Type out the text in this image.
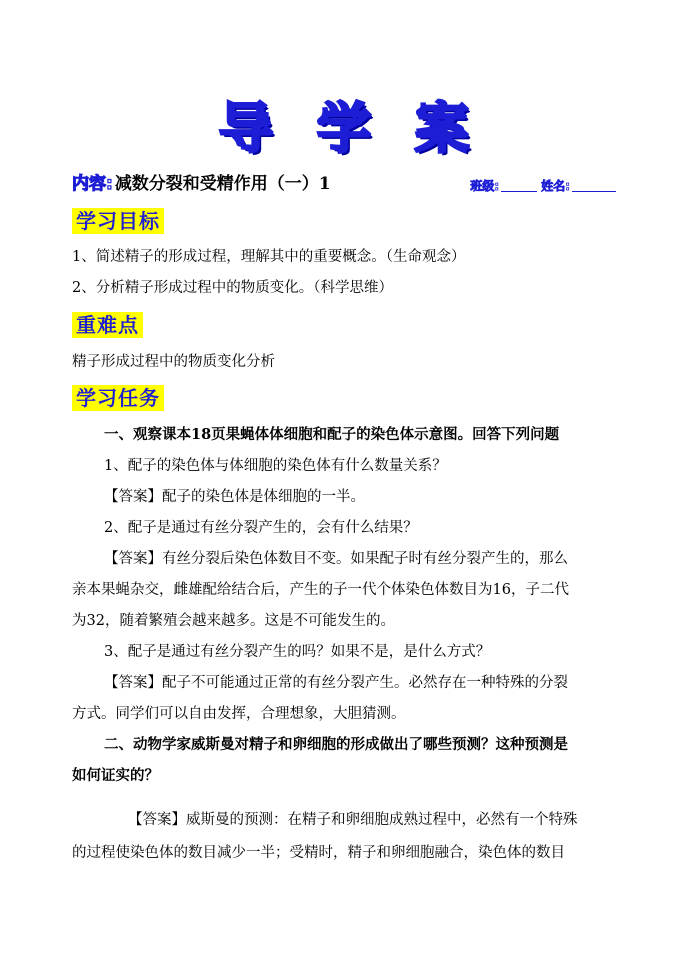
导学案
内容: 减数分裂和受精作用（一）1	班级:	姓名:
学习目标
1、简述精子的形成过程，理解其中的重要概念。（生命观念）
2、分析精子形成过程中的物质变化。（科学思维）
重难点
精子形成过程中的物质变化分析
学习任务
一、观察课本18页果蝇体体细胞和配子的染色体示意图。回答下列问题
1、配子的染色体与体细胞的染色体有什么数量关系？
【答案】配子的染色体是体细胞的一半。
2、配子是通过有丝分裂产生的，会有什么结果？
【答案】有丝分裂后染色体数目不变。如果配子时有丝分裂产生的，那么
亲本果蝇杂交，雌雄配给结合后，产生的子一代个体染色体数目为16，子二代
为32，随着繁殖会越来越多。这是不可能发生的。
3、配子是通过有丝分裂产生的吗？如果不是，是什么方式？
【答案】配子不可能通过正常的有丝分裂产生。必然存在一种特殊的分裂
方式。同学们可以自由发挥，合理想象，大胆猜测。
二、动物学家威斯曼对精子和卵细胞的形成做出了哪些预测？这种预测是
如何证实的？
【答案】威斯曼的预测：在精子和卵细胞成熟过程中，必然有一个特殊
的过程使染色体的数目减少一半；受精时，精子和卵细胞融合，染色体的数目
